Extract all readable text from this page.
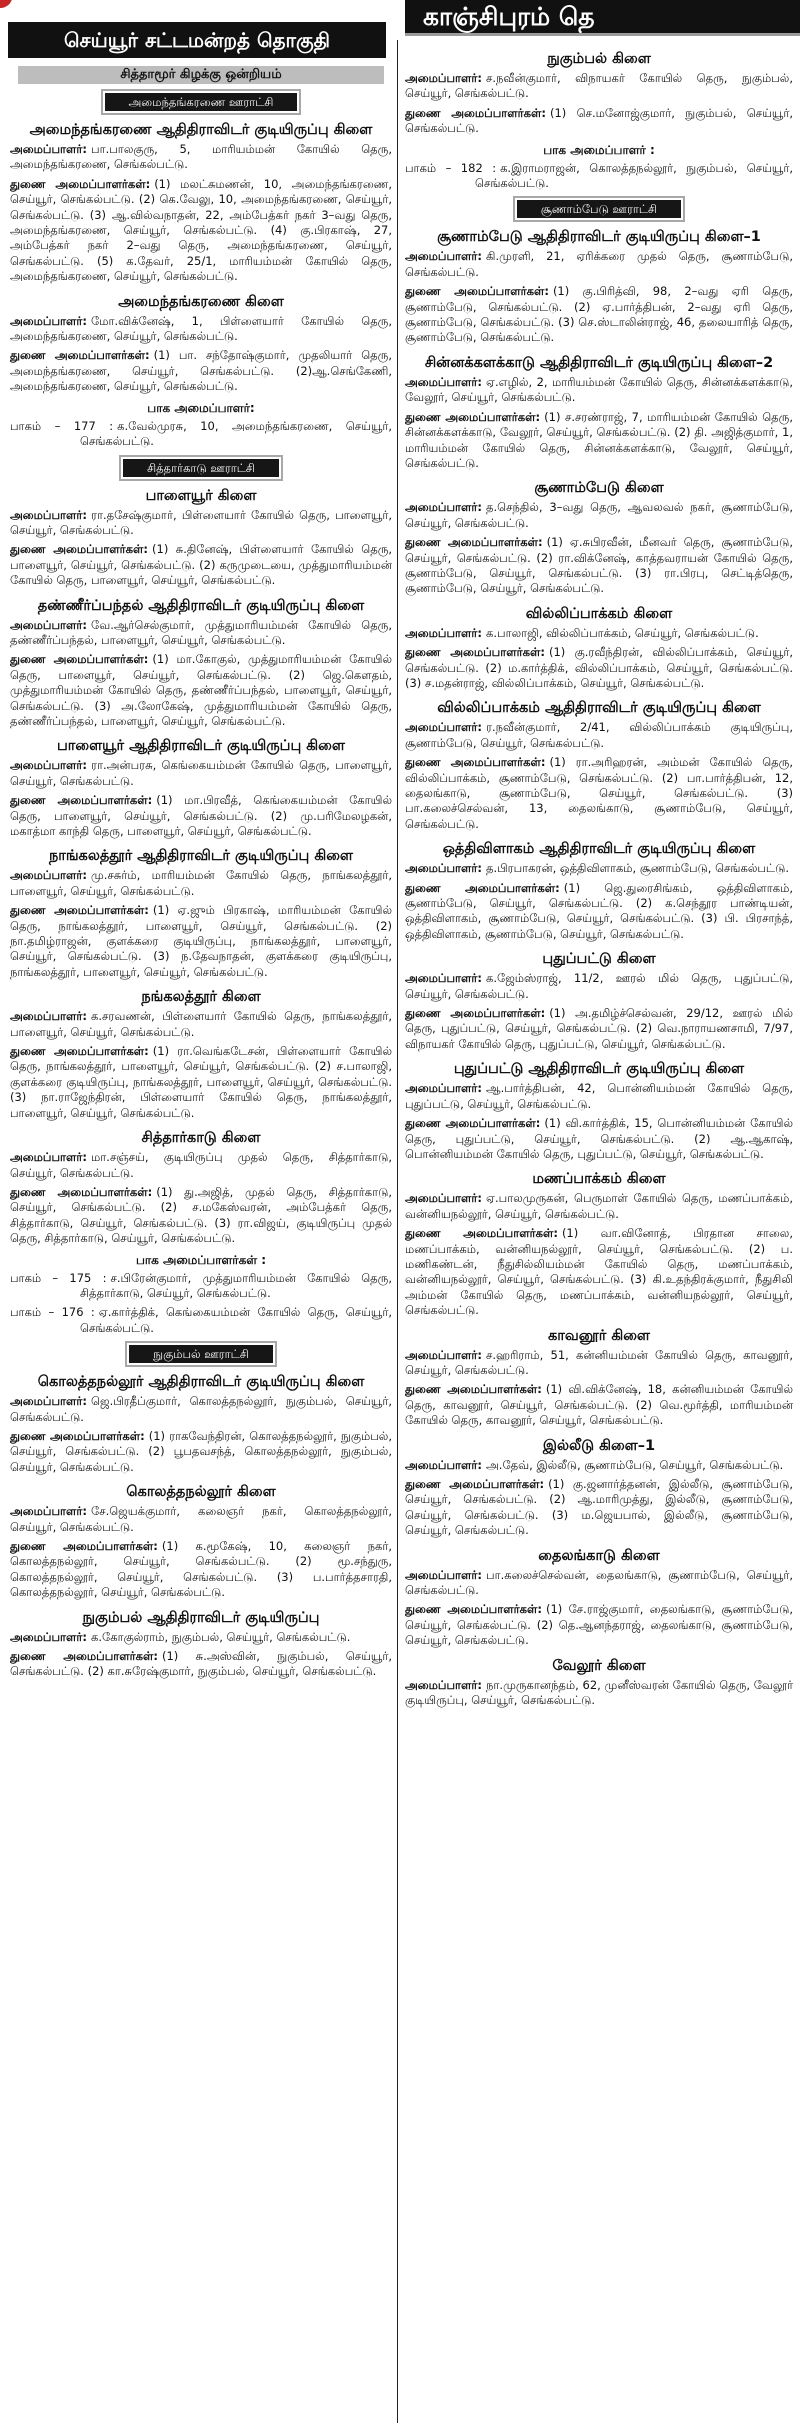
செய்யூர் சட்டமன்றத் தொகுதி
காஞ்சிபுரம் தெ
சித்தாமூர் கிழக்கு ஒன்றியம்
அமைந்தங்கரணை ஊராட்சி
அமைந்தங்கரணை ஆதிதிராவிடர் குடியிருப்பு கிளை

அமைப்பாளர்: பா.பாலகுரு, 5, மாரியம்மன் கோயில் தெரு, அமைந்தங்கரணை, செங்கல்பட்டு.

துணை அமைப்பாளர்கள்: (1) மலட்சுமணன், 10, அமைந்தங்கரணை, செய்யூர், செங்கல்பட்டு. (2) கெ.வேலு, 10, அமைந்தங்கரணை, செய்யூர், செங்கல்பட்டு. (3) ஆ.வில்வநாதன், 22, அம்பேத்கர் நகர் 3–வது தெரு, அமைந்தங்கரணை, செய்யூர், செங்கல்பட்டு. (4) கு.பிரகாஷ், 27, அம்பேத்கர் நகர் 2–வது தெரு, அமைந்தங்கரணை, செய்யூர், செங்கல்பட்டு. (5) க.தேவர், 25/1, மாரியம்மன் கோயில் தெரு, அமைந்தங்கரணை, செய்யூர், செங்கல்பட்டு.

அமைந்தங்கரணை கிளை

அமைப்பாளர்: மோ.விக்னேஷ், 1, பிள்ளையார் கோயில் தெரு, அமைந்தங்கரணை, செய்யூர், செங்கல்பட்டு.

துணை அமைப்பாளர்கள்: (1) பா. சந்தோஷ்குமார், முதலியார் தெரு, அமைந்தங்கரணை, செய்யூர், செங்கல்பட்டு. (2)ஆ.செங்கேணி, அமைந்தங்கரணை, செய்யூர், செங்கல்பட்டு.

பாக அமைப்பாளர்:

பாகம் – 177 : க.வேல்முரசு, 10, அமைந்தங்கரணை, செய்யூர், செங்கல்பட்டு.

சித்தார்காடு ஊராட்சி
பாளையூர் கிளை

அமைப்பாளர்: ரா.தசேஷ்குமார், பிள்ளையார் கோயில் தெரு, பாளையூர், செய்யூர், செங்கல்பட்டு.

துணை அமைப்பாளர்கள்: (1) சு.தினேஷ், பிள்ளையார் கோயில் தெரு, பாளையூர், செய்யூர், செங்கல்பட்டு. (2) கருமுடையை, முத்துமாரியம்மன் கோயில் தெரு, பாளையூர், செய்யூர், செங்கல்பட்டு.

தண்ணீர்ப்பந்தல் ஆதிதிராவிடர் குடியிருப்பு கிளை

அமைப்பாளர்: வே.ஆர்செல்குமார், முத்துமாரியம்மன் கோயில் தெரு, தண்ணீர்ப்பந்தல், பாளையூர், செய்யூர், செங்கல்பட்டு.

துணை அமைப்பாளர்கள்: (1) மா.கோகுல், முத்துமாரியம்மன் கோயில் தெரு, பாளையூர், செய்யூர், செங்கல்பட்டு. (2) ஜெ.கௌதம், முத்துமாரியம்மன் கோயில் தெரு, தண்ணீர்ப்பந்தல், பாளையூர், செய்யூர், செங்கல்பட்டு. (3) அ.லோகேஷ், முத்துமாரியம்மன் கோயில் தெரு, தண்ணீர்ப்பந்தல், பாளையூர், செய்யூர், செங்கல்பட்டு.

பாளையூர் ஆதிதிராவிடர் குடியிருப்பு கிளை

அமைப்பாளர்: ரா.அன்பரசு, கெங்கையம்மன் கோயில் தெரு, பாளையூர், செய்யூர், செங்கல்பட்டு.

துணை அமைப்பாளர்கள்: (1) மா.பிரவீத், கெங்கையம்மன் கோயில் தெரு, பாளையூர், செய்யூர், செங்கல்பட்டு. (2) மு.பரிமேலழகன், மகாத்மா காந்தி தெரு, பாளையூர், செய்யூர், செங்கல்பட்டு.

நாங்கலத்தூர் ஆதிதிராவிடர் குடியிருப்பு கிளை

அமைப்பாளர்: மு.சசுர்ம், மாரியம்மன் கோயில் தெரு, நாங்கலத்தூர், பாளையூர், செய்யூர், செங்கல்பட்டு.

துணை அமைப்பாளர்கள்: (1) ஏ.ஜும் பிரகாஷ், மாரியம்மன் கோயில் தெரு, நாங்கலத்தூர், பாளையூர், செய்யூர், செங்கல்பட்டு. (2) நா.தமிழ்ராஜன், குளக்கரை குடியிருப்பு, நாங்கலத்தூர், பாளையூர், செய்யூர், செங்கல்பட்டு. (3) ந.தேவநாதன், குளக்கரை குடியிருப்பு, நாங்கலத்தூர், பாளையூர், செய்யூர், செங்கல்பட்டு.

நங்கலத்தூர் கிளை

அமைப்பாளர்: க.சரவணன், பிள்ளையார் கோயில் தெரு, நாங்கலத்தூர், பாளையூர், செய்யூர், செங்கல்பட்டு.

துணை அமைப்பாளர்கள்: (1) ரா.வெங்கடேசன், பிள்ளையார் கோயில் தெரு, நாங்கலத்தூர், பாளையூர், செய்யூர், செங்கல்பட்டு. (2) ச.பாலாஜி, குளக்கரை குடியிருப்பு, நாங்கலத்தூர், பாளையூர், செய்யூர், செங்கல்பட்டு. (3) நா.ராஜேந்திரன், பிள்ளையார் கோயில் தெரு, நாங்கலத்தூர், பாளையூர், செய்யூர், செங்கல்பட்டு.

சித்தார்காடு கிளை

அமைப்பாளர்: மா.சஞ்சய், குடியிருப்பு முதல் தெரு, சித்தார்காடு, செய்யூர், செங்கல்பட்டு.

துணை அமைப்பாளர்கள்: (1) து.அஜித், முதல் தெரு, சித்தார்காடு, செய்யூர், செங்கல்பட்டு. (2) ச.மகேஸ்வரன், அம்பேத்கர் தெரு, சித்தார்காடு, செய்யூர், செங்கல்பட்டு. (3) ரா.விஜய், குடியிருப்பு முதல் தெரு, சித்தார்காடு, செய்யூர், செங்கல்பட்டு.

பாக அமைப்பாளர்கள் :

பாகம் – 175 : ச.பிரேன்குமார், முத்துமாரியம்மன் கோயில் தெரு, சித்தார்காடு, செய்யூர், செங்கல்பட்டு.

பாகம் – 176 : ஏ.கார்த்திக், கெங்கையம்மன் கோயில் தெரு, செய்யூர், செங்கல்பட்டு.

நுகும்பல் ஊராட்சி
கொலத்தநல்லூர் ஆதிதிராவிடர் குடியிருப்பு கிளை

அமைப்பாளர்: ஜெ.பிரதீப்குமார், கொலத்தநல்லூர், நுகும்பல், செய்யூர், செங்கல்பட்டு.

துணை அமைப்பாளர்கள்: (1) ராகவேந்திரன், கொலத்தநல்லூர், நுகும்பல், செய்யூர், செங்கல்பட்டு. (2) பூபதவசந்த், கொலத்தநல்லூர், நுகும்பல், செய்யூர், செங்கல்பட்டு.

கொலத்தநல்லூர் கிளை

அமைப்பாளர்: சே.ஜெயக்குமார், கலைஞர் நகர், கொலத்தநல்லூர், செய்யூர், செங்கல்பட்டு.

துணை அமைப்பாளர்கள்: (1) க.மூகேஷ், 10, கலைஞர் நகர், கொலத்தநல்லூர், செய்யூர், செங்கல்பட்டு. (2) மூ.சந்துரு, கொலத்தநல்லூர், செய்யூர், செங்கல்பட்டு. (3) ப.பார்த்தசாரதி, கொலத்தநல்லூர், செய்யூர், செங்கல்பட்டு.

நுகும்பல் ஆதிதிராவிடர் குடியிருப்பு

அமைப்பாளர்: க.கோகுல்ராம், நுகும்பல், செய்யூர், செங்கல்பட்டு.

துணை அமைப்பாளர்கள்: (1) சு.அஸ்வின், நுகும்பல், செய்யூர், செங்கல்பட்டு. (2) கா.சுரேஷ்குமார், நுகும்பல், செய்யூர், செங்கல்பட்டு.

நுகும்பல் கிளை

அமைப்பாளர்: ச.நவீன்குமார், விநாயகர் கோயில் தெரு, நுகும்பல், செய்யூர், செங்கல்பட்டு.

துணை அமைப்பாளர்கள்: (1) செ.மனோஜ்குமார், நுகும்பல், செய்யூர், செங்கல்பட்டு.

பாக அமைப்பாளர் :

பாகம் – 182 : க.இராமராஜன், கொலத்தநல்லூர், நுகும்பல், செய்யூர், செங்கல்பட்டு.

சூணாம்பேடு ஊராட்சி
சூணாம்பேடு ஆதிதிராவிடர் குடியிருப்பு கிளை–1

அமைப்பாளர்: கி.முரளி, 21, ஏரிக்கரை முதல் தெரு, சூணாம்பேடு, செங்கல்பட்டு.

துணை அமைப்பாளர்கள்: (1) கு.பிரித்வி, 98, 2–வது ஏரி தெரு, சூணாம்பேடு, செங்கல்பட்டு. (2) ஏ.பார்த்திபன், 2–வது ஏரி தெரு, சூணாம்பேடு, செங்கல்பட்டு. (3) செ.ஸ்டாலின்ராஜ், 46, தலையாரித் தெரு, சூணாம்பேடு, செங்கல்பட்டு.

சின்னக்களக்காடு ஆதிதிராவிடர் குடியிருப்பு கிளை–2

அமைப்பாளர்: ஏ.எழில், 2, மாரியம்மன் கோயில் தெரு, சின்னக்களக்காடு, வேலூர், செய்யூர், செங்கல்பட்டு.

துணை அமைப்பாளர்கள்: (1) ச.சரண்ராஜ், 7, மாரியம்மன் கோயில் தெரு, சின்னக்களக்காடு, வேலூர், செய்யூர், செங்கல்பட்டு. (2) தி. அஜித்குமார், 1, மாரியம்மன் கோயில் தெரு, சின்னக்களக்காடு, வேலூர், செய்யூர், செங்கல்பட்டு.

சூணாம்பேடு கிளை

அமைப்பாளர்: த.செந்தில், 3–வது தெரு, ஆவலவல் நகர், சூணாம்பேடு, செய்யூர், செங்கல்பட்டு.

துணை அமைப்பாளர்கள்: (1) ஏ.சுபிரவீன், மீனவர் தெரு, சூணாம்பேடு, செய்யூர், செங்கல்பட்டு. (2) ரா.விக்னேஷ், காத்தவராயன் கோயில் தெரு, சூணாம்பேடு, செய்யூர், செங்கல்பட்டு. (3) ரா.பிரபு, செட்டித்தெரு, சூணாம்பேடு, செய்யூர், செங்கல்பட்டு.

வில்லிப்பாக்கம் கிளை

அமைப்பாளர்: க.பாலாஜி, வில்லிப்பாக்கம், செய்யூர், செங்கல்பட்டு.

துணை அமைப்பாளர்கள்: (1) கு.ரவீந்திரன், வில்லிப்பாக்கம், செய்யூர், செங்கல்பட்டு. (2) ம.கார்த்திக், வில்லிப்பாக்கம், செய்யூர், செங்கல்பட்டு. (3) ச.மதன்ராஜ், வில்லிப்பாக்கம், செய்யூர், செங்கல்பட்டு.

வில்லிப்பாக்கம் ஆதிதிராவிடர் குடியிருப்பு கிளை

அமைப்பாளர்: ர.நவீன்குமார், 2/41, வில்லிப்பாக்கம் குடியிருப்பு, சூணாம்பேடு, செய்யூர், செங்கல்பட்டு.

துணை அமைப்பாளர்கள்: (1) ரா.அரிஹரன், அம்மன் கோயில் தெரு, வில்லிப்பாக்கம், சூணாம்பேடு, செங்கல்பட்டு. (2) பா.பார்த்திபன், 12, தைலங்காடு, சூணாம்பேடு, செய்யூர், செங்கல்பட்டு. (3) பா.கலைச்செல்வன், 13, தைலங்காடு, சூணாம்பேடு, செய்யூர், செங்கல்பட்டு.

ஒத்திவிளாகம் ஆதிதிராவிடர் குடியிருப்பு கிளை

அமைப்பாளர்: த.பிரபாகரன், ஒத்திவிளாகம், சூணாம்பேடு, செங்கல்பட்டு.

துணை அமைப்பாளர்கள்: (1) ஜெ.துரைசிங்கம், ஒத்திவிளாகம், சூணாம்பேடு, செய்யூர், செங்கல்பட்டு. (2) க.செந்தூர பாண்டியன், ஒத்திவிளாகம், சூணாம்பேடு, செய்யூர், செங்கல்பட்டு. (3) பி. பிரசாந்த், ஒத்திவிளாகம், சூணாம்பேடு, செய்யூர், செங்கல்பட்டு.

புதுப்பட்டு கிளை

அமைப்பாளர்: க.ஜேம்ஸ்ராஜ், 11/2, ஊரல் மில் தெரு, புதுப்பட்டு, செய்யூர், செங்கல்பட்டு.

துணை அமைப்பாளர்கள்: (1) அ.தமிழ்ச்செல்வன், 29/12, ஊரல் மில் தெரு, புதுப்பட்டு, செய்யூர், செங்கல்பட்டு. (2) வெ.நாராயணசாமி, 7/97, விநாயகர் கோயில் தெரு, புதுப்பட்டு, செய்யூர், செங்கல்பட்டு.

புதுப்பட்டு ஆதிதிராவிடர் குடியிருப்பு கிளை

அமைப்பாளர்: ஆ.பார்த்திபன், 42, பொன்னியம்மன் கோயில் தெரு, புதுப்பட்டு, செய்யூர், செங்கல்பட்டு.

துணை அமைப்பாளர்கள்: (1) வி.கார்த்திக், 15, பொன்னியம்மன் கோயில் தெரு, புதுப்பட்டு, செய்யூர், செங்கல்பட்டு. (2) ஆ.ஆகாஷ், பொன்னியம்மன் கோயில் தெரு, புதுப்பட்டு, செய்யூர், செங்கல்பட்டு.

மணப்பாக்கம் கிளை

அமைப்பாளர்: ஏ.பாலமுருகன், பெருமாள் கோயில் தெரு, மணப்பாக்கம், வன்னியநல்லூர், செய்யூர், செங்கல்பட்டு.

துணை அமைப்பாளர்கள்: (1) வா.வினோத், பிரதான சாலை, மணப்பாக்கம், வன்னியநல்லூர், செய்யூர், செங்கல்பட்டு. (2) ப. மணிகண்டன், நீதுசில்லியம்மன் கோயில் தெரு, மணப்பாக்கம், வன்னியநல்லூர், செய்யூர், செங்கல்பட்டு. (3) கி.உதந்திரக்குமார், நீதுசிலி அம்மன் கோயில் தெரு, மணப்பாக்கம், வன்னியநல்லூர், செய்யூர், செங்கல்பட்டு.

காவனூர் கிளை

அமைப்பாளர்: ச.ஹரிராம், 51, கன்னியம்மன் கோயில் தெரு, காவனூர், செய்யூர், செங்கல்பட்டு.

துணை அமைப்பாளர்கள்: (1) வி.விக்னேஷ், 18, கன்னியம்மன் கோயில் தெரு, காவனூர், செய்யூர், செங்கல்பட்டு. (2) வெ.மூர்த்தி, மாரியம்மன் கோயில் தெரு, காவனூர், செய்யூர், செங்கல்பட்டு.

இல்லீடு கிளை–1

அமைப்பாளர்: அ.தேவ், இல்லீடு, சூணாம்பேடு, செய்யூர், செங்கல்பட்டு.

துணை அமைப்பாளர்கள்: (1) கு.ஜனார்த்தனன், இல்லீடு, சூணாம்பேடு, செய்யூர், செங்கல்பட்டு. (2) ஆ.மாரிமுத்து, இல்லீடு, சூணாம்பேடு, செய்யூர், செங்கல்பட்டு. (3) ம.ஜெயபால், இல்லீடு, சூணாம்பேடு, செய்யூர், செங்கல்பட்டு.

தைலங்காடு கிளை

அமைப்பாளர்: பா.கலைச்செல்வன், தைலங்காடு, சூணாம்பேடு, செய்யூர், செங்கல்பட்டு.

துணை அமைப்பாளர்கள்: (1) சே.ராஜ்குமார், தைலங்காடு, சூணாம்பேடு, செய்யூர், செங்கல்பட்டு. (2) தெ.ஆனந்தராஜ், தைலங்காடு, சூணாம்பேடு, செய்யூர், செங்கல்பட்டு.

வேலூர் கிளை

அமைப்பாளர்: நா.முருகானந்தம், 62, முனீஸ்வரன் கோயில் தெரு, வேலூர் குடியிருப்பு, செய்யூர், செங்கல்பட்டு.
